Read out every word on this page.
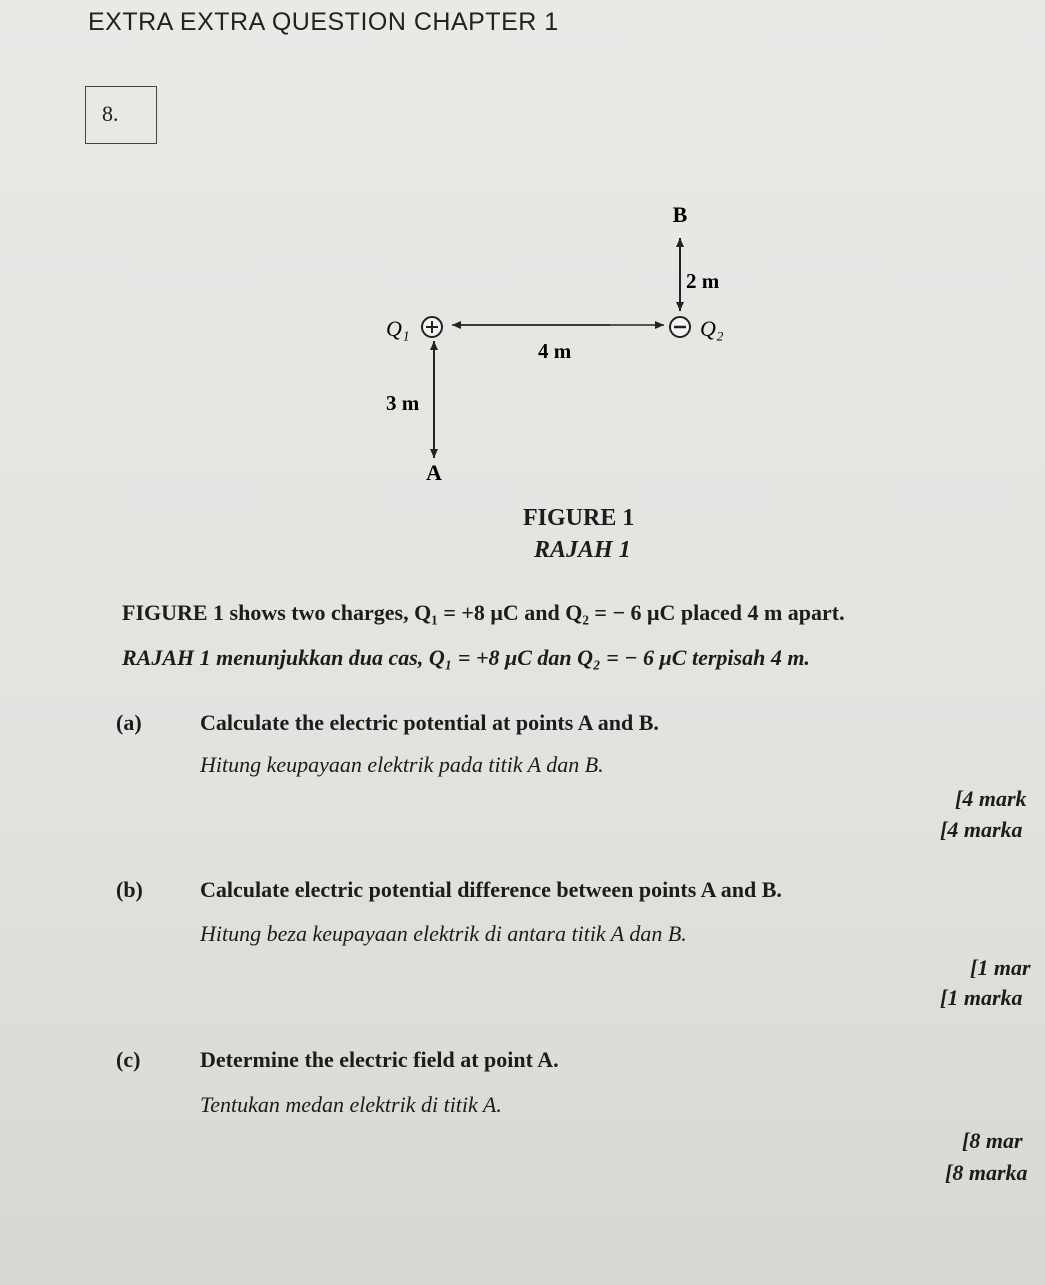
EXTRA EXTRA QUESTION CHAPTER 1
8.
B
2 m
Q₁	Q₂
4 m
3 m
A
FIGURE 1
RAJAH 1
FIGURE 1 shows two charges, Q₁ = +8 μC and Q₂ = − 6 μC placed 4 m apart.
RAJAH 1 menunjukkan dua cas, Q₁ = +8 μC dan Q₂ = − 6 μC terpisah 4 m.
(a)	Calculate the electric potential at points A and B.
Hitung keupayaan elektrik pada titik A dan B.
[4 mark
[4 marka
(b)	Calculate electric potential difference between points A and B.
Hitung beza keupayaan elektrik di antara titik A dan B.
[1 mar
[1 marka
(c)	Determine the electric field at point A.
Tentukan medan elektrik di titik A.
[8 mar
[8 marka
